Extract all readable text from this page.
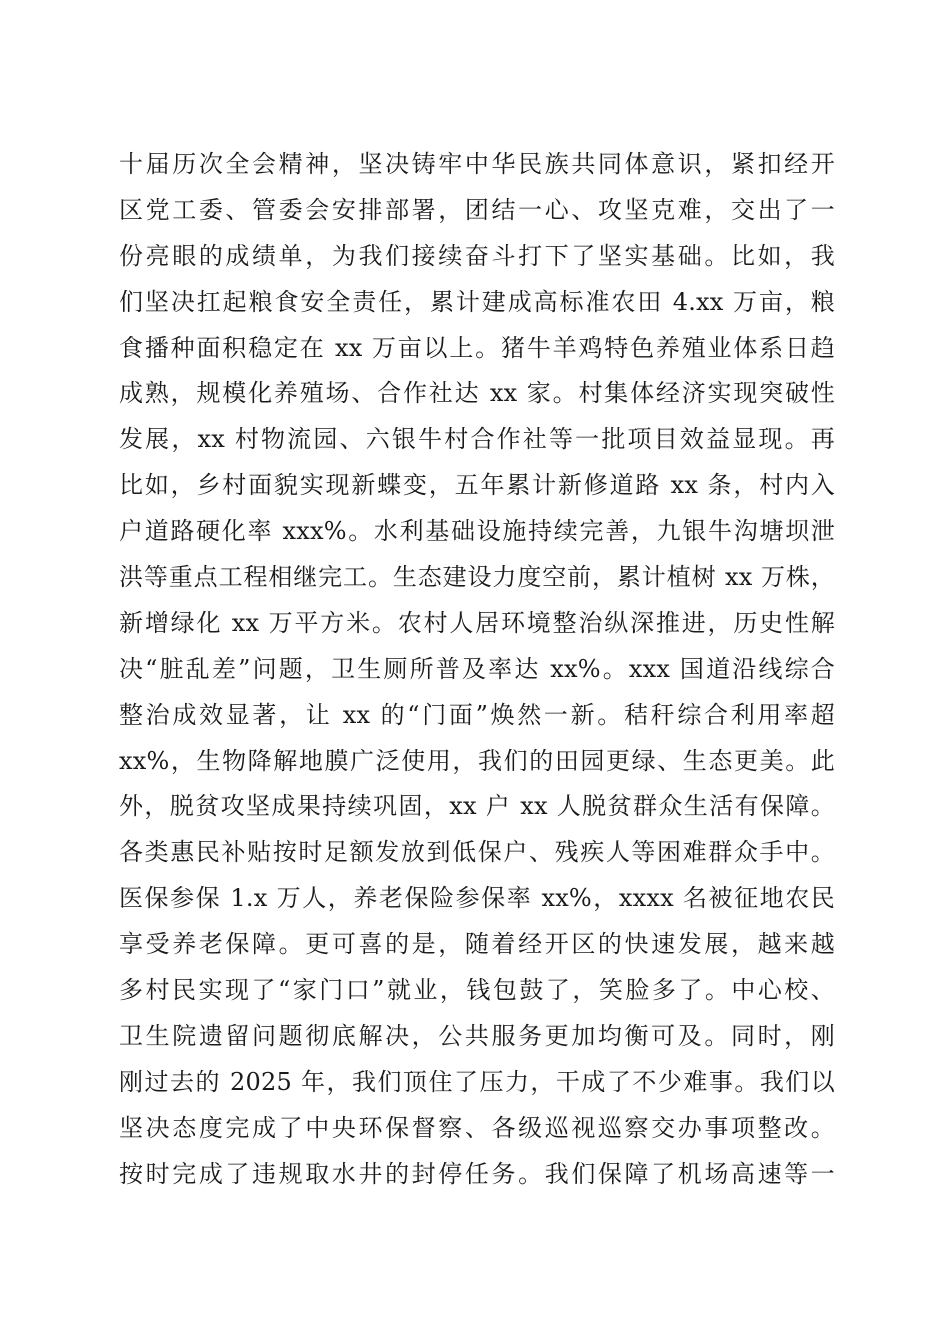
十届历次全会精神，坚决铸牢中华民族共同体意识，紧扣经开
区党工委、管委会安排部署，团结一心、攻坚克难，交出了一
份亮眼的成绩单，为我们接续奋斗打下了坚实基础。比如，我
们坚决扛起粮食安全责任，累计建成高标准农田 4.xx 万亩，粮
食播种面积稳定在 xx 万亩以上。猪牛羊鸡特色养殖业体系日趋
成熟，规模化养殖场、合作社达 xx 家。村集体经济实现突破性
发展，xx 村物流园、六银牛村合作社等一批项目效益显现。再
比如，乡村面貌实现新蝶变，五年累计新修道路 xx 条，村内入
户道路硬化率 xxx%。水利基础设施持续完善，九银牛沟塘坝泄
洪等重点工程相继完工。生态建设力度空前，累计植树 xx 万株，
新增绿化 xx 万平方米。农村人居环境整治纵深推进，历史性解
决“脏乱差”问题，卫生厕所普及率达 xx%。xxx 国道沿线综合
整治成效显著，让 xx 的“门面”焕然一新。秸秆综合利用率超
xx%，生物降解地膜广泛使用，我们的田园更绿、生态更美。此
外，脱贫攻坚成果持续巩固，xx 户 xx 人脱贫群众生活有保障。
各类惠民补贴按时足额发放到低保户、残疾人等困难群众手中。
医保参保 1.x 万人，养老保险参保率 xx%，xxxx 名被征地农民
享受养老保障。更可喜的是，随着经开区的快速发展，越来越
多村民实现了“家门口”就业，钱包鼓了，笑脸多了。中心校、
卫生院遗留问题彻底解决，公共服务更加均衡可及。同时，刚
刚过去的 2025 年，我们顶住了压力，干成了不少难事。我们以
坚决态度完成了中央环保督察、各级巡视巡察交办事项整改。
按时完成了违规取水井的封停任务。我们保障了机场高速等一
